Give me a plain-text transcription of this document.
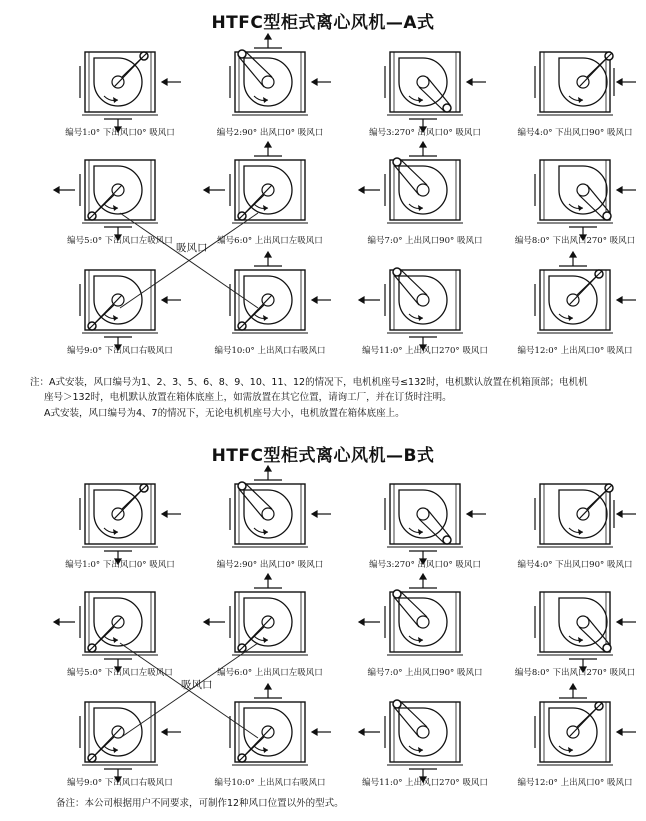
HTFC型柜式离心风机—A式
HTFC型柜式离心风机—B式
编号1:0° 下出风口0° 吸风口	编号2:90° 出风口0° 吸风口	编号3:270° 出风口0° 吸风口	编号4:0° 下出风口90° 吸风口
编号5:0° 下出风口左吸风口	编号6:0° 上出风口左吸风口	编号7:0° 上出风口90° 吸风口	编号8:0° 下出风口270° 吸风口
编号9:0° 下出风口右吸风口	编号10:0° 上出风口右吸风口	编号11:0° 上出风口270° 吸风口	编号12:0° 上出风口0° 吸风口
编号1:0° 下出风口0° 吸风口	编号2:90° 出风口0° 吸风口	编号3:270° 出风口0° 吸风口	编号4:0° 下出风口90° 吸风口
编号5:0° 下出风口左吸风口	编号6:0° 上出风口左吸风口	编号7:0° 上出风口90° 吸风口	编号8:0° 下出风口270° 吸风口
编号9:0° 下出风口右吸风口	编号10:0° 上出风口右吸风口	编号11:0° 上出风口270° 吸风口	编号12:0° 上出风口0° 吸风口
吸风口
吸风口
注：A式安装，风口编号为1、2、3、5、6、8、9、10、11、12的情况下，电机机座号≤132时，电机默认放置在机箱顶部；电机机
座号＞132时，电机默认放置在箱体底座上，如需放置在其它位置，请询工厂，并在订货时注明。
A式安装，风口编号为4、7的情况下，无论电机机座号大小，电机放置在箱体底座上。
备注：本公司根据用户不同要求，可制作12种风口位置以外的型式。
